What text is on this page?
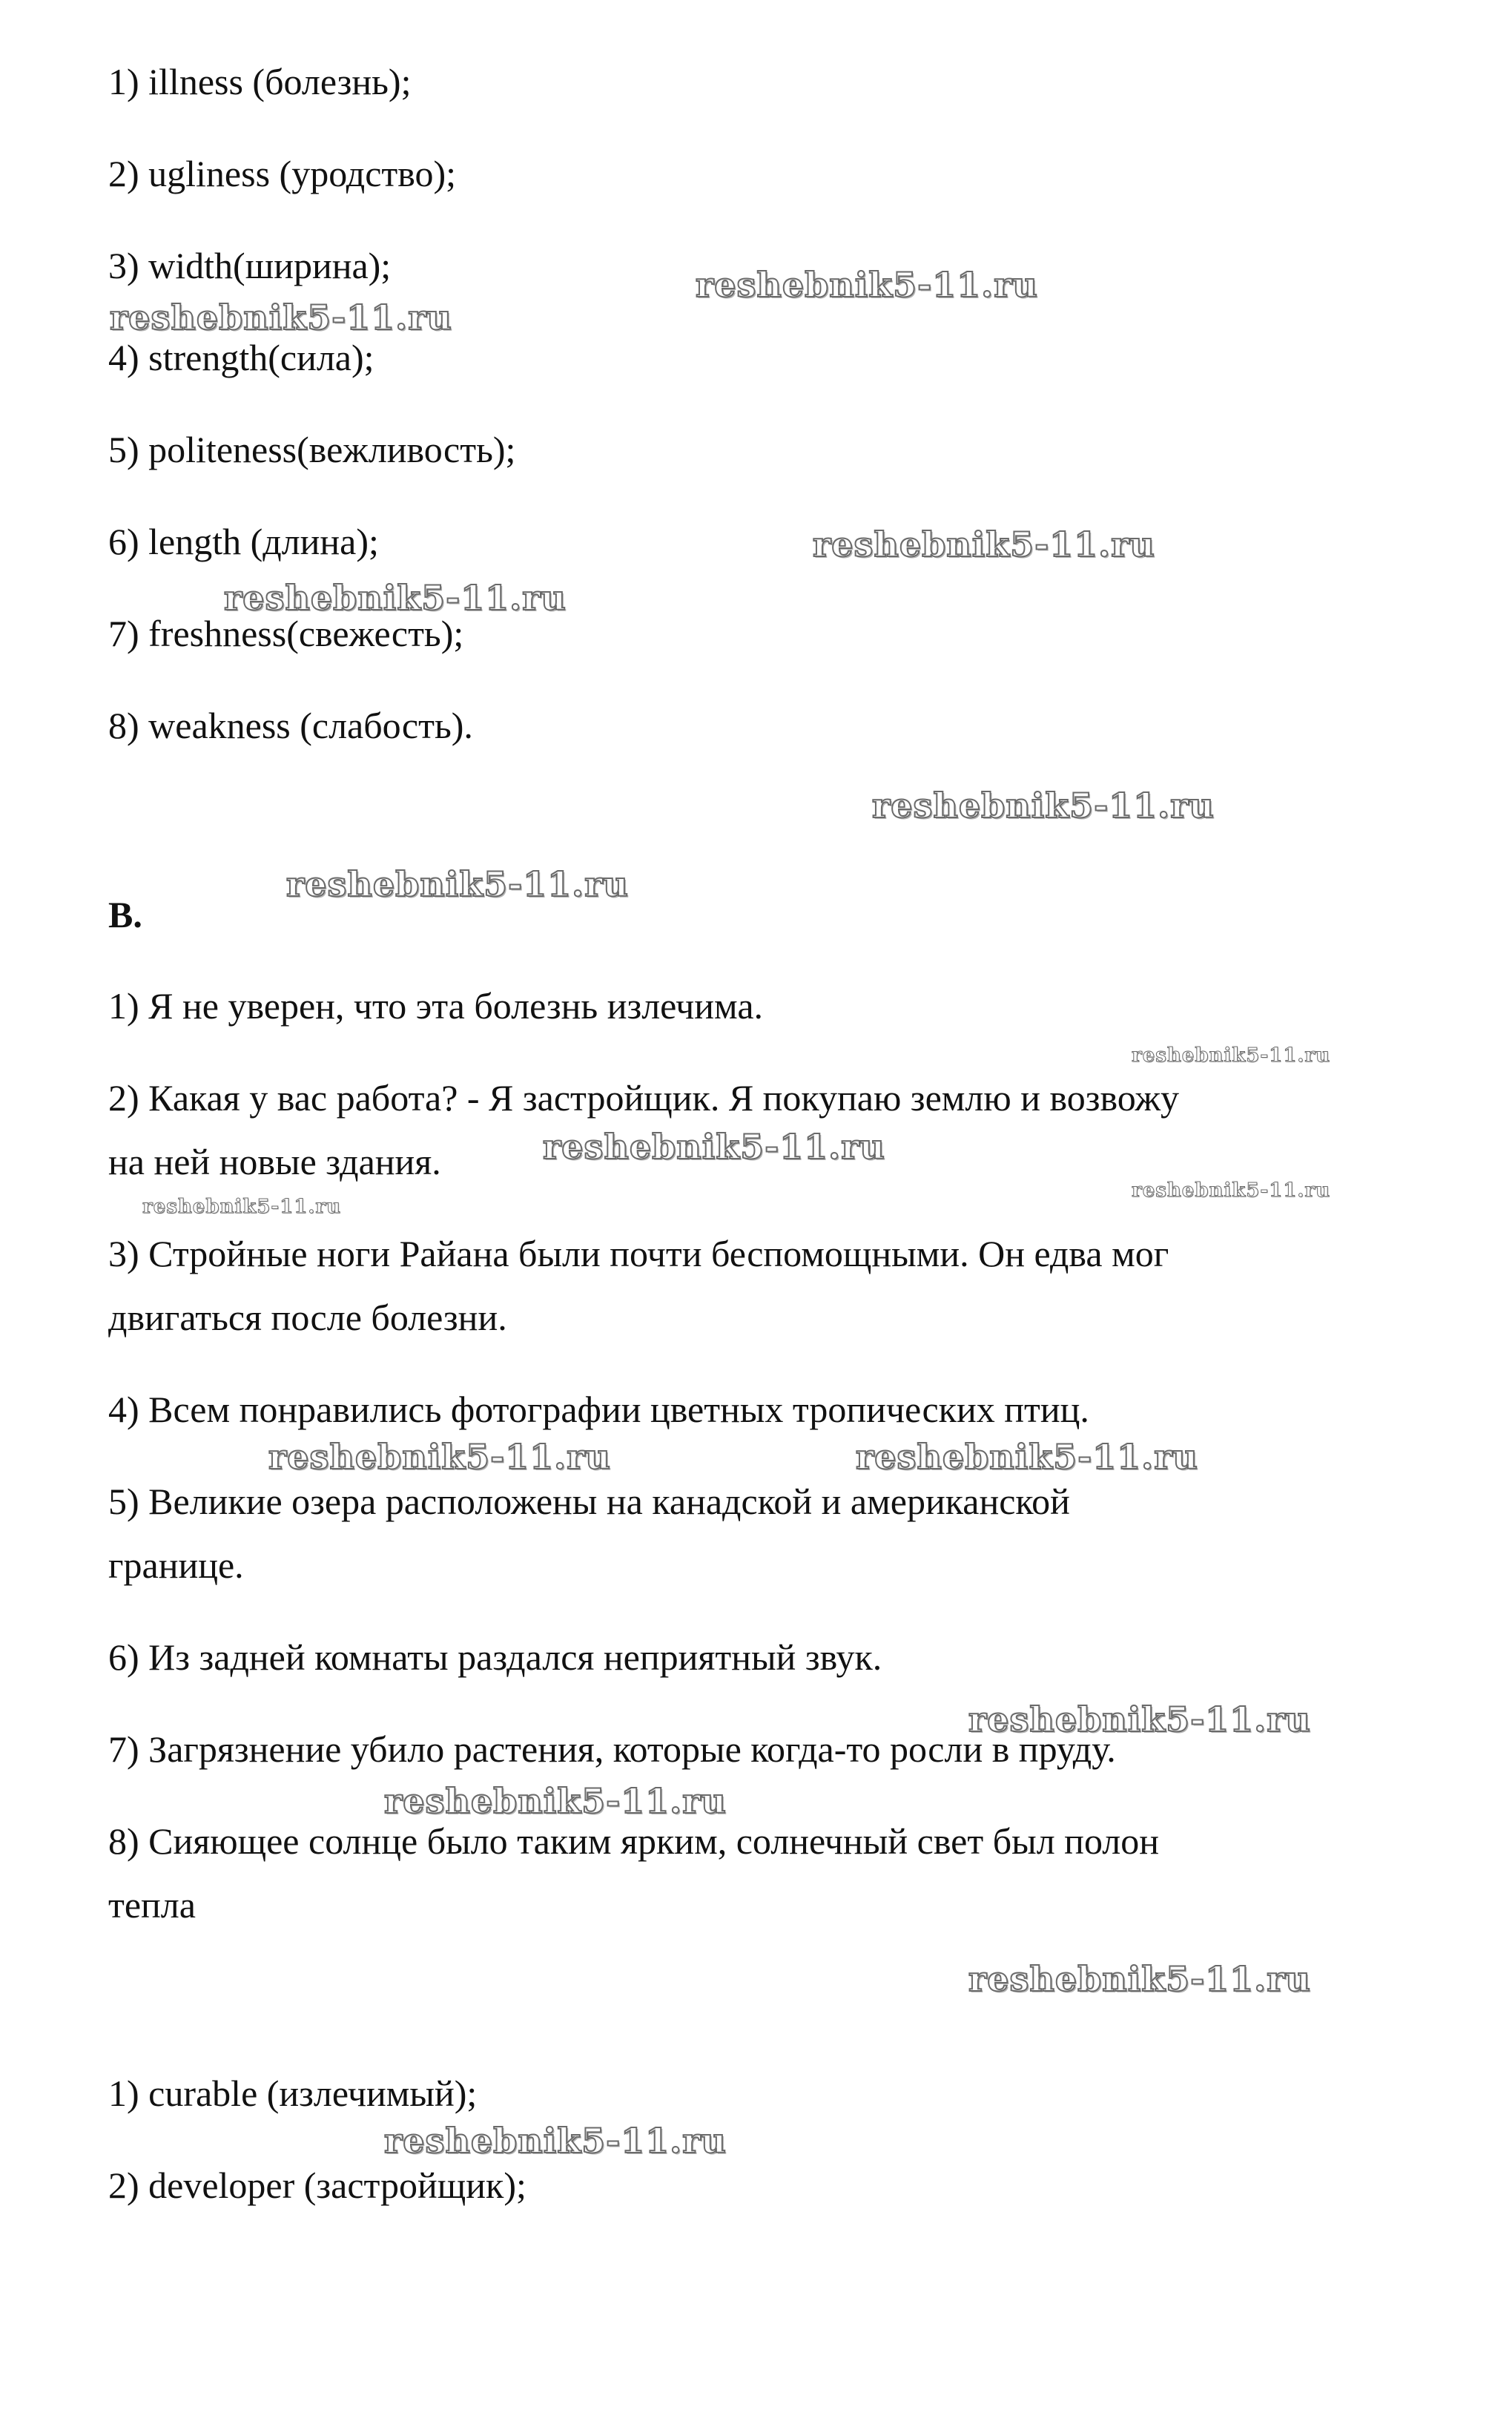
1) illness (болезнь);
2) ugliness (уродство);
3) width(ширина);
4) strength(сила);
5) politeness(вежливость);
6) length (длина);
7) freshness(свежесть);
8) weakness (слабость).
B.
1) Я не уверен, что эта болезнь излечима.
2) Какая у вас работа? - Я застройщик. Я покупаю землю и возвожу
на ней новые здания.
3) Стройные ноги Райана были почти беспомощными. Он едва мог
двигаться после болезни.
4) Всем понравились фотографии цветных тропических птиц.
5) Великие озера расположены на канадской и американской
границе.
6) Из задней комнаты раздался неприятный звук.
7) Загрязнение убило растения, которые когда-то росли в пруду.
8) Сияющее солнце было таким ярким, солнечный свет был полон
тепла
1) curable (излечимый);
2) developer (застройщик);
reshebnik5-11.ru
reshebnik5-11.ru
reshebnik5-11.ru
reshebnik5-11.ru
reshebnik5-11.ru
reshebnik5-11.ru
reshebnik5-11.ru
reshebnik5-11.ru
reshebnik5-11.ru
reshebnik5-11.ru
reshebnik5-11.ru	reshebnik5-11.ru
reshebnik5-11.ru
reshebnik5-11.ru
reshebnik5-11.ru
reshebnik5-11.ru
